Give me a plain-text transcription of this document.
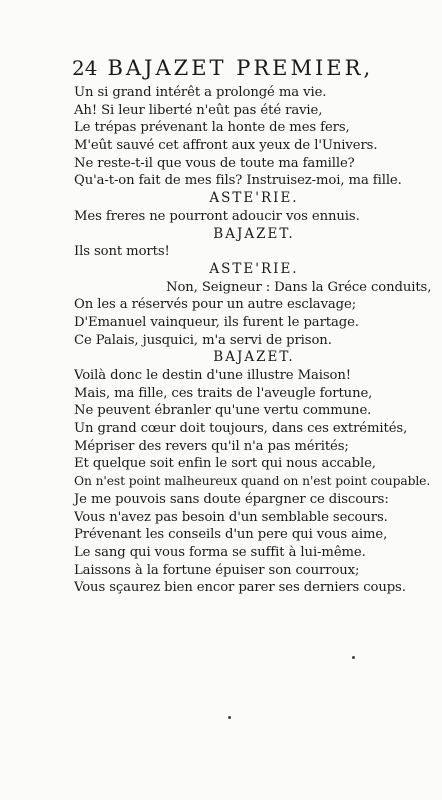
24 BAJAZET PREMIER,
Un si grand intérêt a prolongé ma vie.
Ah! Si leur liberté n'eût pas été ravie,
Le trépas prévenant la honte de mes fers,
M'eût sauvé cet affront aux yeux de l'Univers.
Ne reste-t-il que vous de toute ma famille?
Qu'a-t-on fait de mes fils? Instruisez-moi, ma fille.
ASTE'RIE.
Mes freres ne pourront adoucir vos ennuis.
BAJAZET.
Ils sont morts!
ASTE'RIE.
Non, Seigneur : Dans la Gréce conduits,
On les a réservés pour un autre esclavage;
D'Emanuel vainqueur, ils furent le partage.
Ce Palais, jusquici, m'a servi de prison.
BAJAZET.
Voilà donc le destin d'une illustre Maison!
Mais, ma fille, ces traits de l'aveugle fortune,
Ne peuvent ébranler qu'une vertu commune.
Un grand cœur doit toujours, dans ces extrémités,
Mépriser des revers qu'il n'a pas mérités;
Et quelque soit enfin le sort qui nous accable,
On n'est point malheureux quand on n'est point coupable.
Je me pouvois sans doute épargner ce discours:
Vous n'avez pas besoin d'un semblable secours.
Prévenant les conseils d'un pere qui vous aime,
Le sang qui vous forma se suffit à lui-même.
Laissons à la fortune épuiser son courroux;
Vous sçaurez bien encor parer ses derniers coups.
